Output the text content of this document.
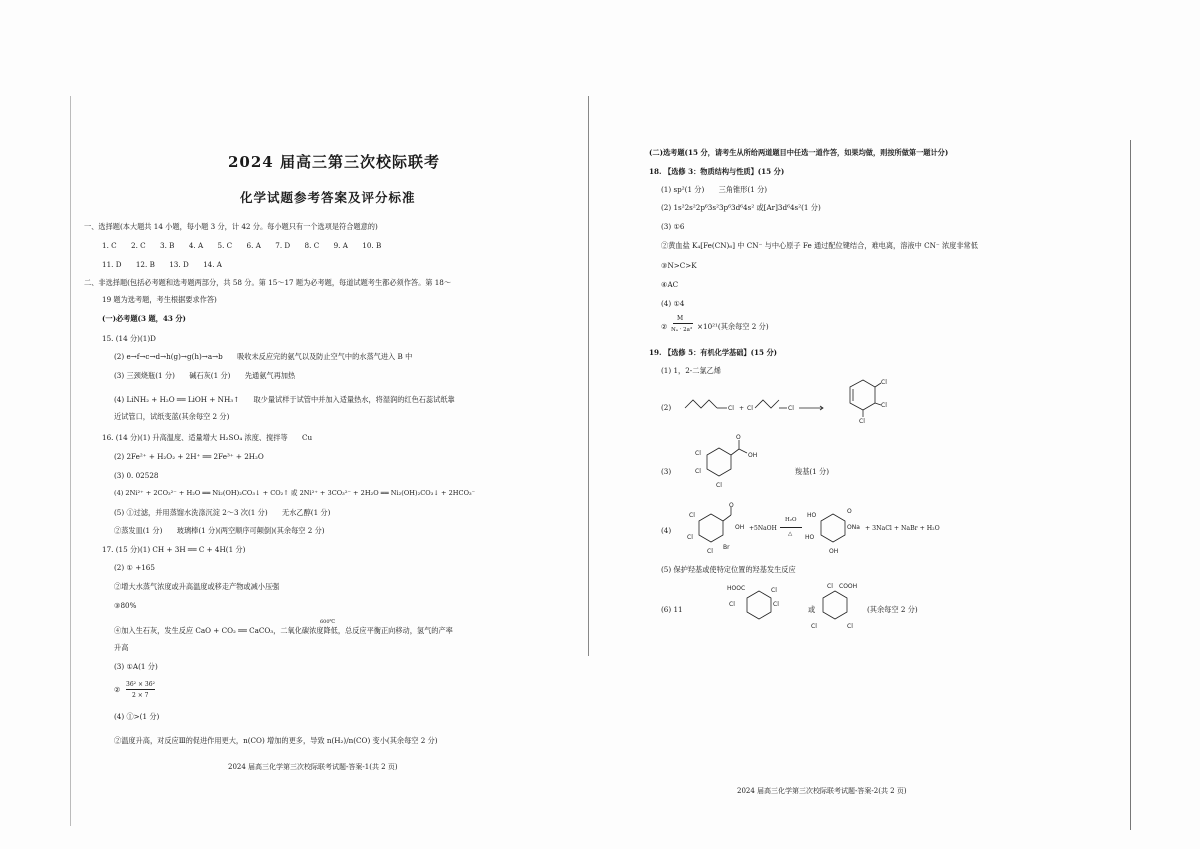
2024 届高三第三次校际联考
化学试题参考答案及评分标准
一、选择题(本大题共 14 小题，每小题 3 分，计 42 分。每小题只有一个选项是符合题意的)
1. C　　2. C　　3. B　　4. A　　5. C　　6. A　　7. D　　8. C　　9. A　　10. B
11. D　　12. B　　13. D　　14. A
二、非选择题(包括必考题和选考题两部分，共 58 分。第 15～17 题为必考题，每道试题考生都必须作答。第 18～
19 题为选考题，考生根据要求作答)
(一)必考题(3 题，43 分)
15. (14 分)(1)D
(2) e→f→c→d→h(g)→g(h)→a→b　　吸收未反应完的氨气以及防止空气中的水蒸气进入 B 中
(3) 三颈烧瓶(1 分)　　碱石灰(1 分)　　先通氨气再加热
(4) LiNH₂ + H₂O ══ LiOH + NH₃↑　　取少量试样于试管中并加入适量热水，将湿润的红色石蕊试纸靠
近试管口，试纸变蓝(其余每空 2 分)
16. (14 分)(1) 升高温度、适量增大 H₂SO₄ 浓度、搅拌等　　Cu
(2) 2Fe²⁺ + H₂O₂ + 2H⁺ ══ 2Fe³⁺ + 2H₂O
(3) 0. 02528
(4) 2Ni²⁺ + 2CO₃²⁻ + H₂O ══ Ni₂(OH)₂CO₃↓ + CO₂↑ 或 2Ni²⁺ + 3CO₃²⁻ + 2H₂O ══ Ni₂(OH)₂CO₃↓ + 2HCO₃⁻
(5) ①过滤，并用蒸馏水洗涤沉淀 2～3 次(1 分)　　无水乙醇(1 分)
②蒸发皿(1 分)　　玻璃棒(1 分)(两空顺序可颠倒)(其余每空 2 分)
17. (15 分)(1) CH + 3H ══ C + 4H(1 分)
(2) ① +165
②增大水蒸气浓度或升高温度或移走产物或减小压强
③80%
600℃
④加入生石灰，发生反应 CaO + CO₂ ══ CaCO₃，二氧化碳浓度降低，总反应平衡正向移动，氢气的产率
升高
(3) ①A(1 分)
②
36² × 36²
2 × 7
(4) ①>(1 分)
②温度升高，对反应Ⅲ的促进作用更大，n(CO) 增加的更多，导致 n(H₂)/n(CO) 变小(其余每空 2 分)
2024 届高三化学第三次校际联考试题-答案-1(共 2 页)
(二)选考题(15 分，请考生从所给两道题目中任选一道作答，如果均做，则按所做第一题计分)
18. 【选修 3：物质结构与性质】(15 分)
(1) sp²(1 分)　　三角锥形(1 分)
(2) 1s²2s²2p⁶3s²3p⁶3d⁶4s² 或[Ar]3d⁶4s²(1 分)
(3) ①6
②黄血盐 K₄[Fe(CN)₆] 中 CN⁻ 与中心原子 Fe 通过配位键结合，难电离，溶液中 CN⁻ 浓度非常低
③N>C>K
④AC
(4) ①4
②
M
Nₐ · 2a³ ×10²¹(其余每空 2 分)
19. 【选修 5：有机化学基础】(15 分)
(1) 1，2-二氯乙烯
(2)	Cl + Cl	Cl
Cl
Cl
Cl
(3)
O
OH
Cl
Cl
Cl
羧基(1 分)
(4)
O
OH
Br
Cl
Cl
Cl
+5NaOH
H₂O
△
HO
HO
OH
O
ONa + 3NaCl + NaBr + H₂O
(5) 保护羟基或使特定位置的羟基发生反应
(6) 11
HOOC
Cl
Cl
Cl
或
Cl COOH
Cl	Cl
(其余每空 2 分)
2024 届高三化学第三次校际联考试题-答案-2(共 2 页)
